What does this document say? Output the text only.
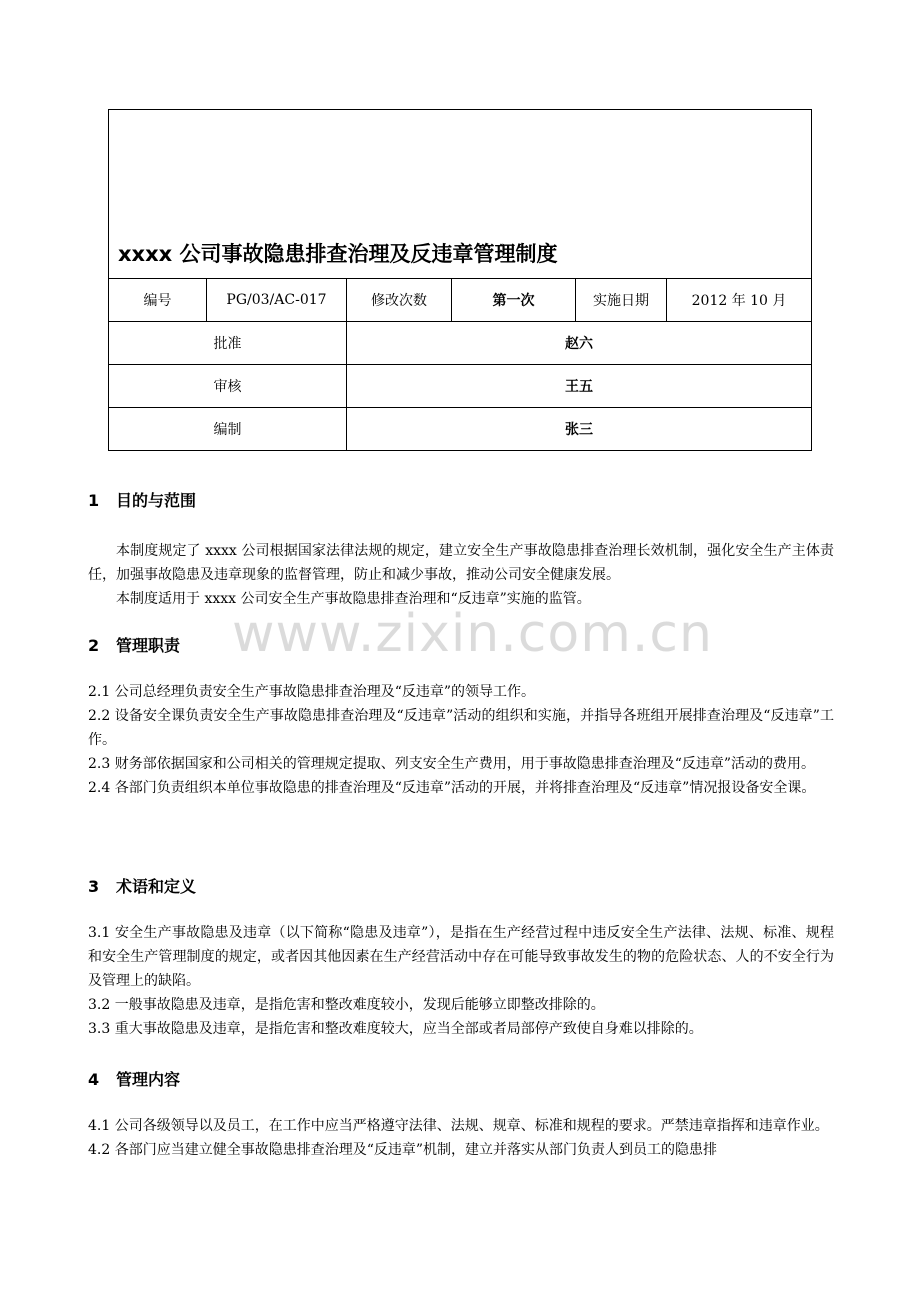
xxxx 公司事故隐患排查治理及反违章管理制度					

编号	PG/03/AC-017	修改次数	第一次	实施日期	2012 年 10 月
批准		赵六			
审核		王五			
编制		张三			
1 目的与范围

本制度规定了 xxxx 公司根据国家法律法规的规定，建立安全生产事故隐患排查治理长效机制，强化安全生产主体责任，加强事故隐患及违章现象的监督管理，防止和减少事故，推动公司安全健康发展。

本制度适用于 xxxx 公司安全生产事故隐患排查治理和“反违章”实施的监管。

2 管理职责

2.1 公司总经理负责安全生产事故隐患排查治理及“反违章”的领导工作。

2.2 设备安全课负责安全生产事故隐患排查治理及“反违章”活动的组织和实施，并指导各班组开展排查治理及“反违章”工作。

2.3 财务部依据国家和公司相关的管理规定提取、列支安全生产费用，用于事故隐患排查治理及“反违章”活动的费用。

2.4 各部门负责组织本单位事故隐患的排查治理及“反违章”活动的开展，并将排查治理及“反违章”情况报设备安全课。

3 术语和定义

3.1 安全生产事故隐患及违章（以下简称“隐患及违章”），是指在生产经营过程中违反安全生产法律、法规、标准、规程和安全生产管理制度的规定，或者因其他因素在生产经营活动中存在可能导致事故发生的物的危险状态、人的不安全行为及管理上的缺陷。

3.2 一般事故隐患及违章，是指危害和整改难度较小，发现后能够立即整改排除的。

3.3 重大事故隐患及违章，是指危害和整改难度较大，应当全部或者局部停产致使自身难以排除的。

4 管理内容

4.1 公司各级领导以及员工，在工作中应当严格遵守法律、法规、规章、标准和规程的要求。严禁违章指挥和违章作业。

4.2 各部门应当建立健全事故隐患排查治理及“反违章”机制，建立并落实从部门负责人到员工的隐患排

www.zixin.com.cn
